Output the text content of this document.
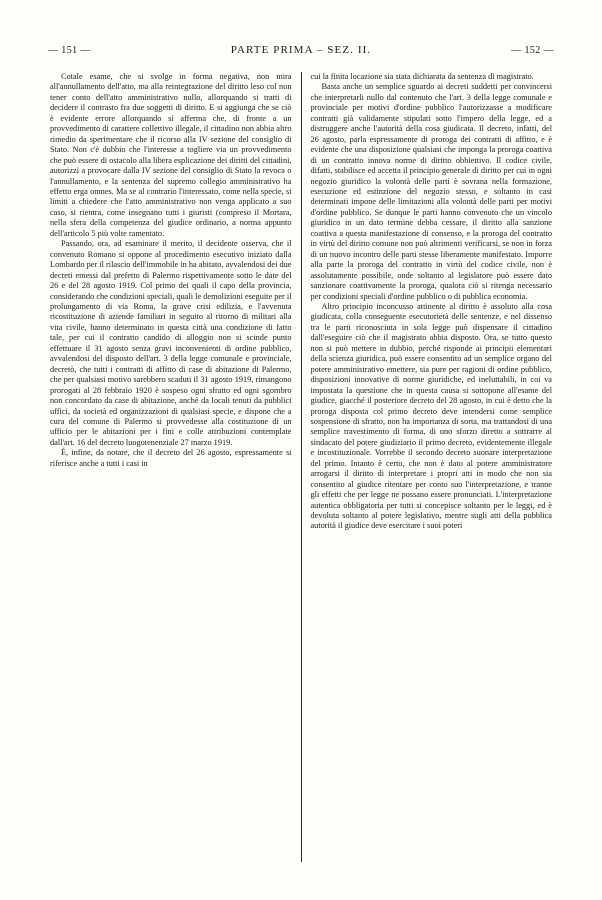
— 151 —	PARTE PRIMA – SEZ. II.	— 152 —

Cotale esame, che si svolge in forma negativa, non mira all'annullamento dell'atto, ma alla reintegrazione del diritto leso col non tener conto dell'atto amministrativo nullo, allorquando si tratti di decidere il contrasto fra due soggetti di diritto. E si aggiunga che se ciò è evidente errore allorquando si afferma che, di fronte a un provvedimento di carattere collettivo illegale, il cittadino non abbia altro rimedio da sperimentare che il ricorso alla IV sezione del consiglio di Stato. Non c'è dubbio che l'interesse a togliere via un provvedimento che può essere di ostacolo alla libera esplicazione dei diritti del cittadini, autorizzi a provocare dalla IV sezione del consiglio di Stato la revoca o l'annullamento, e la sentenza del supremo collegio amministrativo ha effetto erga omnes. Ma se al contrario l'interessato, come nella specie, si limiti a chiedere che l'atto amministrativo non venga applicato a suo caso, si rientra, come insegnano tutti i giuristi (compreso il Mortara, nella sfera della competenza del giudice ordinario, a norma appunto dell'articolo 5 più volte ramentato.

Passando, ora, ad esaminare il merito, il decidente osserva, che il convenuto Romano si oppone al procedimento esecutivo iniziato dalla Lombardo per il rilascio dell'immobile in ha abitato, avvalendosi dei due decreti emessi dal prefetto di Palermo rispettivamente sotto le date del 26 e del 28 agosto 1919. Col primo dei quali il capo della provincia, considerando che condizioni speciali, quali le demolizioni eseguite per il prolungamento di via Roma, la grave crisi edilizia, e l'avvenuta ricostituzione di aziende familiari in seguito al ritorno di militari alla vita civile, hanno determinato in questa città una condizione di fatto tale, per cui il contratto candido di alloggio non si scinde punto effettuare il 31 agosto senza gravi inconvenienti di ordine pubblico, avvalendosi del disposto dell'art. 3 della legge comunale e provinciale, decretò, che tutti i contratti di affitto di case di abitazione di Palermo, che per qualsiasi motivo sarebbero scaduti il 31 agosto 1919, rimangono prorogati al 28 febbraio 1920 è sospeso ogni sfratto ed ogni sgombro non concordato da case di abitazione, anchè da locali tenuti da pubblici uffici, da società ed organizzazioni di qualsiasi specie, e dispone che a cura del comune di Palermo si provvedesse alla costituzione di un ufficio per le abitazioni per i fini e colle attribuzioni contemplate dall'art. 16 del decreto luogotenenziale 27 marzo 1919.

È, infine, da notare, che il decreto del 26 agosto, espressamente si riferisce anche a tutti i casi in

cui la finita locazione sia stata dichiarata da sentenza di magistrato.

Basta anche un semplice sguardo ai decreti suddetti per convincersi che interpretarli nullo dal contenuto che l'art. 3 della legge comunale e provinciale per motivi d'ordine pubblico l'autorizzasse a modificare contratti già validamente stipulati sotto l'impero della legge, ed a distruggere anche l'autorità della cosa giudicata. Il decreto, infatti, del 26 agosto, parla espressamente di proroga dei contratti di affitto, e è evidente che una disposizione qualsiasi che imponga la proroga coattiva di un contratto innova norme di diritto obbiettivo. Il codice civile, difatti, stabilisce ed accetta il principio generale di diritto per cui in ogni negozio giuridico la volontà delle parti è sovrana nella formazione, esecuzione ed estinzione del negozio stesso, e soltanto in casi determinati impone delle limitazioni alla volontà delle parti per motivi d'ordine pubblico. Se dunque le parti hanno convenuto che un vincolo giuridico in un dato termine debba cessare, il diritto alla sanzione coattiva a questa manifestazione di consenso, e la proroga del contratto in virtù del diritto comune non può altrimenti verificarsi, se non in forza di un nuovo incontro delle parti stesse liberamente manifestato. Imporre alla parte la proroga del contratto in virtù del codice civile, non è assolutamente possibile, onde soltanto al legislatore può essere dato sanzionare coattivamente la proroga, qualora ciò si ritenga necessario per condizioni speciali d'ordine pubblico o di pubblica economia.

Altro principio inconcusso attinente al diritto è assoluto alla cosa giudicata, colla conseguente esecutorietà delle sentenze, e nel dissenso tra le parti riconosciuta in sola legge può dispensare il cittadino dall'eseguire ciò che il magistrato abbia disposto. Ora, se tutto questo non si può mettere in dubbio, perché risponde ai principii elementari della scienza giuridica, può essere consentito ad un semplice organo del potere amministrativo emettere, sia pure per ragioni di ordine pubblico, disposizioni innovative di norme giuridiche, ed ineluttabili, in coi va impostata la questione che in questa causa si sottopone all'esame del giudice, giacché il posteriore decreto del 28 agosto, in cui è detto che la proroga disposta col primo decreto deve intendersi come semplice sospensione di sfratto, non ha importanza di sorta, ma trattandosi di una semplice travestimento di forma, di uno sforzo diretto a sottrarre al sindacato del potere giudiziario il primo decreto, evidentemente illegale e incostituzionale. Vorrebbe il secondo decreto suonare interpretazione del primo. Intanto è certo, che non è dato al potere amministratore arrogarsi il diritto di interpretare i propri atti in modo che non sia consentito al giudice ritentare per conto suo l'interpretazione, e tranne gli effetti che per legge ne possano essere pronunciati. L'interpretazione autentica obbligatoria per tutti si concepisce soltanto per le leggi, ed è devoluta soltanto al potere legislativo, mentre sugli atti della pubblica autorità il giudice deve esercitare i suoi poteri
